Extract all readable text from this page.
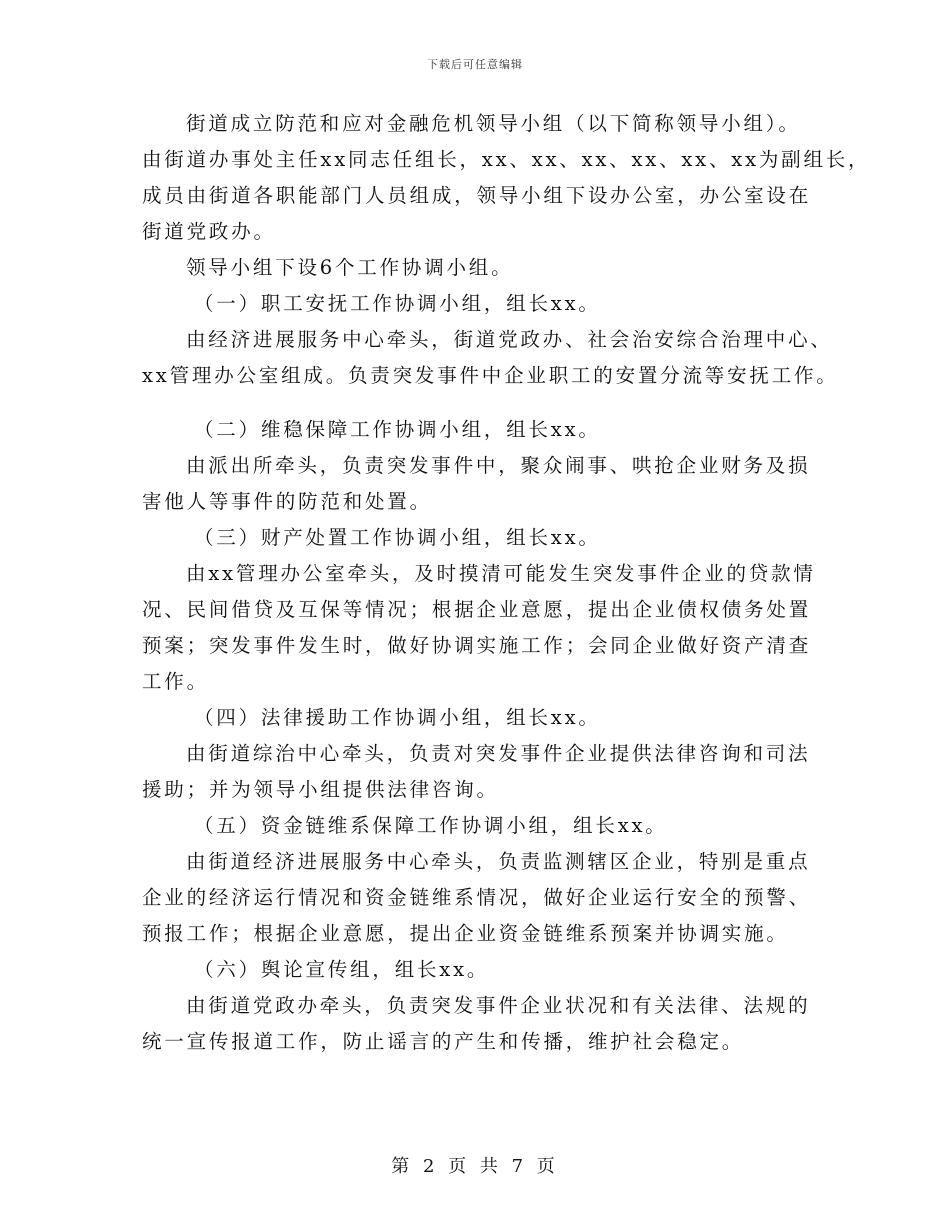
下载后可任意编辑
街道成立防范和应对金融危机领导小组（以下简称领导小组）。
由街道办事处主任xx同志任组长，xx、xx、xx、xx、xx、xx为副组长，
成员由街道各职能部门人员组成，领导小组下设办公室，办公室设在
街道党政办。
领导小组下设6个工作协调小组。
（一）职工安抚工作协调小组，组长xx。
由经济进展服务中心牵头，街道党政办、社会治安综合治理中心、
xx管理办公室组成。负责突发事件中企业职工的安置分流等安抚工作。
（二）维稳保障工作协调小组，组长xx。
由派出所牵头，负责突发事件中，聚众闹事、哄抢企业财务及损
害他人等事件的防范和处置。
（三）财产处置工作协调小组，组长xx。
由xx管理办公室牵头，及时摸清可能发生突发事件企业的贷款情
况、民间借贷及互保等情况；根据企业意愿，提出企业债权债务处置
预案；突发事件发生时，做好协调实施工作；会同企业做好资产清查
工作。
（四）法律援助工作协调小组，组长xx。
由街道综治中心牵头，负责对突发事件企业提供法律咨询和司法
援助；并为领导小组提供法律咨询。
（五）资金链维系保障工作协调小组，组长xx。
由街道经济进展服务中心牵头，负责监测辖区企业，特别是重点
企业的经济运行情况和资金链维系情况，做好企业运行安全的预警、
预报工作；根据企业意愿，提出企业资金链维系预案并协调实施。
（六）舆论宣传组，组长xx。
由街道党政办牵头，负责突发事件企业状况和有关法律、法规的
统一宣传报道工作，防止谣言的产生和传播，维护社会稳定。
第 2 页 共 7 页
